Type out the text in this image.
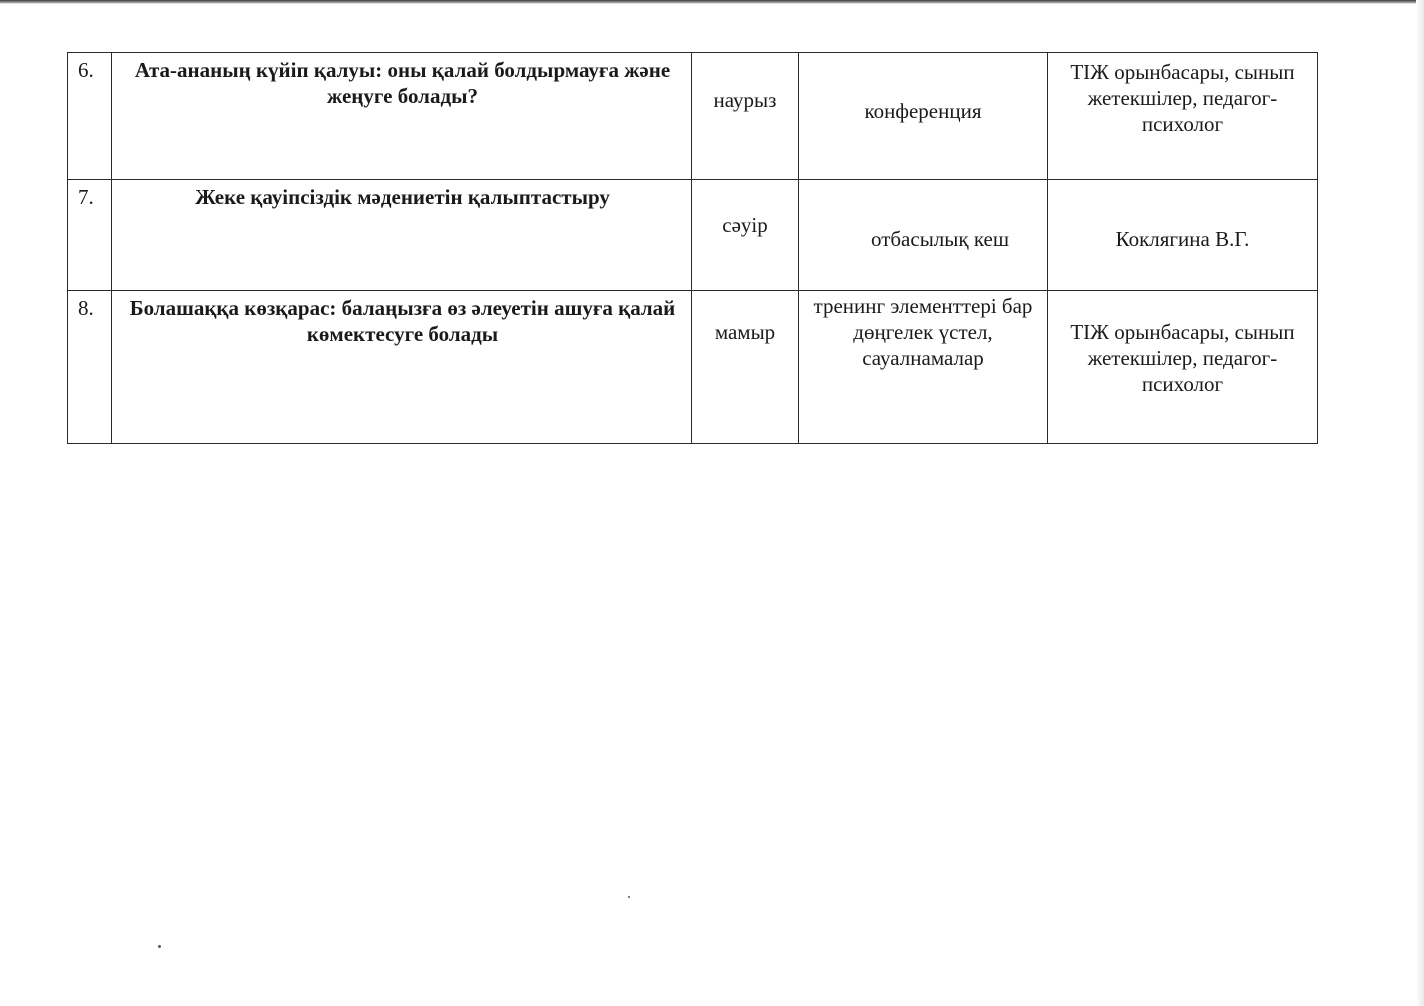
6.	Ата-ананың күйіп қалуы: оны қалай болдырмауға және жеңуге болады?	наурыз	конференция	ТІЖ орынбасары, сынып жетекшілер, педагог-психолог

7.	Жеке қауіпсіздік мәдениетін қалыптастыру	сәуір	отбасылық кеш	Коклягина В.Г.

8.	Болашаққа көзқарас: балаңызға өз әлеуетін ашуға қалай көмектесуге болады	мамыр	тренинг элементтері бар дөңгелек үстел, сауалнамалар	ТІЖ орынбасары, сынып жетекшілер, педагог-психолог
